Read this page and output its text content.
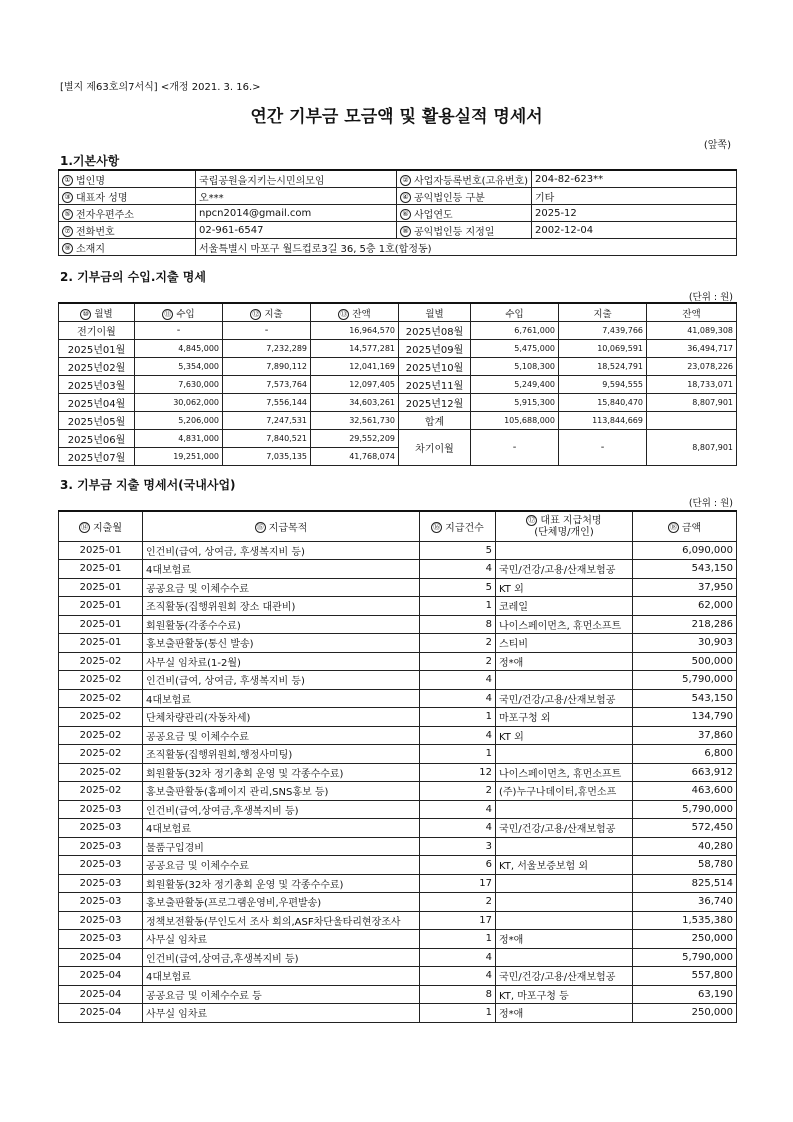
[별지 제63호의7서식] <개정 2021. 3. 16.>
연간 기부금 모금액 및 활용실적 명세서
(앞쪽)
1.기본사항
① 법인명	국립공원을지키는시민의모임	② 사업자등록번호(고유번호)	204-82-623**
③ 대표자 성명	오***	④ 공익법인등 구분	기타
⑤ 전자우편주소	npcn2014@gmail.com	⑥ 사업연도	2025-12
⑦ 전화번호	02-961-6547	⑧ 공익법인등 지정일	2002-12-04
⑨ 소재지	서울특별시 마포구 월드컵로3길 36, 5층 1호(합정동)		
2. 기부금의 수입.지출 명세
(단위 : 원)
⑩ 월별	⑪ 수입	⑫ 지출	⑬ 잔액	월별	수입	지출	잔액
전기이월	-	-	16,964,570	2025년08월	6,761,000	7,439,766	41,089,308
2025년01월	4,845,000	7,232,289	14,577,281	2025년09월	5,475,000	10,069,591	36,494,717
2025년02월	5,354,000	7,890,112	12,041,169	2025년10월	5,108,300	18,524,791	23,078,226
2025년03월	7,630,000	7,573,764	12,097,405	2025년11월	5,249,400	9,594,555	18,733,071
2025년04월	30,062,000	7,556,144	34,603,261	2025년12월	5,915,300	15,840,470	8,807,901
2025년05월	5,206,000	7,247,531	32,561,730	합계	105,688,000	113,844,669	
2025년06월	4,831,000	7,840,521	29,552,209	차기이월	-	-	8,807,901
2025년07월	19,251,000	7,035,135	41,768,074				
3. 기부금 지출 명세서(국내사업)
(단위 : 원)
⑭ 지출월	⑮ 지급목적	⑯ 지급건수	⑰ 대표 지급처명
(단체명/개인)	⑱ 금액
2025-01	인건비(급여, 상여금, 후생복지비 등)	5		6,090,000
2025-01	4대보험료	4	국민/건강/고용/산재보험공	543,150
2025-01	공공요금 및 이체수수료	5	KT 외	37,950
2025-01	조직활동(집행위원회 장소 대관비)	1	코레일	62,000
2025-01	회원활동(각종수수료)	8	나이스페이먼츠, 휴먼소프트	218,286
2025-01	홍보출판활동(통신 발송)	2	스티비	30,903
2025-02	사무실 임차료(1-2월)	2	정*애	500,000
2025-02	인건비(급여, 상여금, 후생복지비 등)	4		5,790,000
2025-02	4대보험료	4	국민/건강/고용/산재보험공	543,150
2025-02	단체차량관리(자동차세)	1	마포구청 외	134,790
2025-02	공공요금 및 이체수수료	4	KT 외	37,860
2025-02	조직활동(집행위원회,행정사미팅)	1		6,800
2025-02	회원활동(32차 정기총회 운영 및 각종수수료)	12	나이스페이먼츠, 휴먼소프트	663,912
2025-02	홍보출판활동(홈페이지 관리,SNS홍보 등)	2	(주)누구나데이터,휴먼소프	463,600
2025-03	인건비(급여,상여금,후생복지비 등)	4		5,790,000
2025-03	4대보험료	4	국민/건강/고용/산재보험공	572,450
2025-03	물품구입경비	3		40,280
2025-03	공공요금 및 이체수수료	6	KT, 서울보증보험 외	58,780
2025-03	회원활동(32차 정기총회 운영 및 각종수수료)	17		825,514
2025-03	홍보출판활동(프로그램운영비,우편발송)	2		36,740
2025-03	정책보전활동(무인도서 조사 회의,ASF차단울타리현장조사	17		1,535,380
2025-03	사무실 임차료	1	정*애	250,000
2025-04	인건비(급여,상여금,후생복지비 등)	4		5,790,000
2025-04	4대보험료	4	국민/건강/고용/산재보험공	557,800
2025-04	공공요금 및 이체수수료 등	8	KT, 마포구청 등	63,190
2025-04	사무실 임차료	1	정*애	250,000
